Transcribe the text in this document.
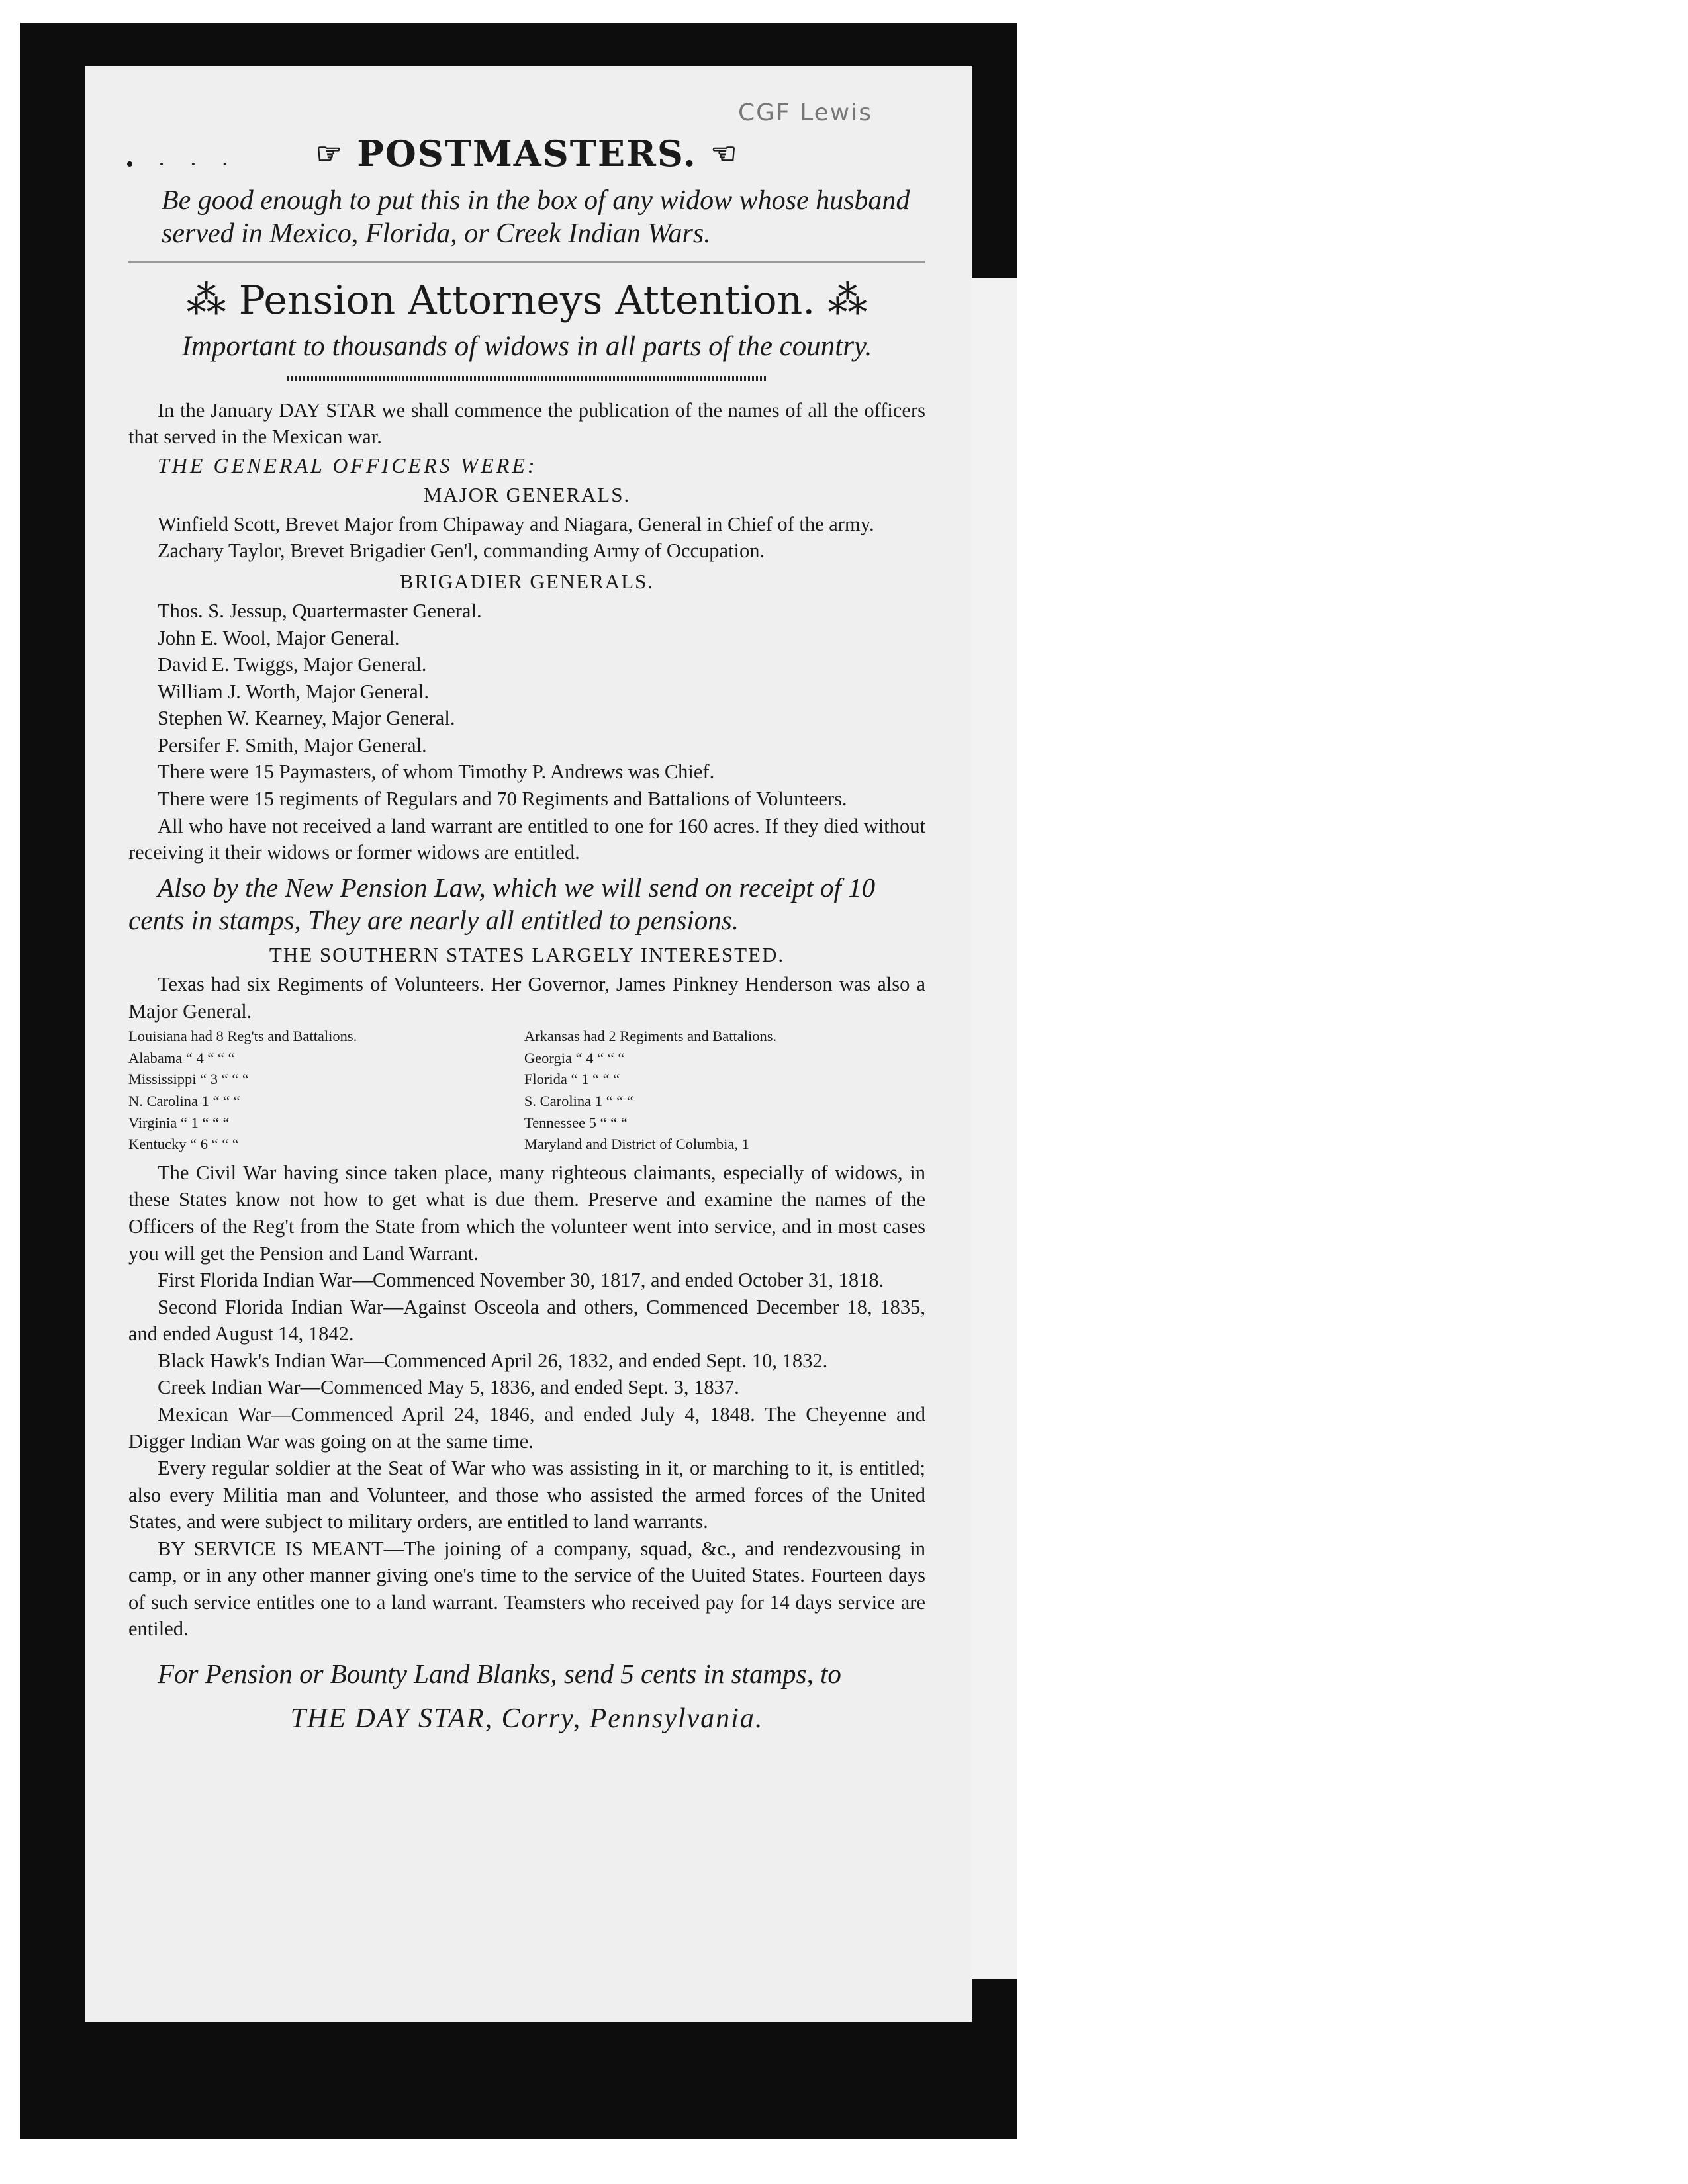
CGF Lewis
• · · ·	☞ POSTMASTERS. ☜
Be good enough to put this in the box of any widow whose husband served in Mexico, Florida, or Creek Indian Wars.
⁂ Pension Attorneys Attention. ⁂
Important to thousands of widows in all parts of the country.

In the January DAY STAR we shall commence the publication of the names of all the officers that served in the Mexican war.

THE GENERAL OFFICERS WERE:
MAJOR GENERALS.

Winfield Scott, Brevet Major from Chipaway and Niagara, General in Chief of the army.

Zachary Taylor, Brevet Brigadier Gen'l, commanding Army of Occupation.

BRIGADIER GENERALS.
Thos. S. Jessup, Quartermaster General.
John E. Wool, Major General.
David E. Twiggs, Major General.
William J. Worth, Major General.
Stephen W. Kearney, Major General.
Persifer F. Smith, Major General.

There were 15 Paymasters, of whom Timothy P. Andrews was Chief.

There were 15 regiments of Regulars and 70 Regiments and Battalions of Volunteers.

All who have not received a land warrant are entitled to one for 160 acres. If they died without receiving it their widows or former widows are entitled.

Also by the New Pension Law, which we will send on receipt of 10 cents in stamps, They are nearly all entitled to pensions.

THE SOUTHERN STATES LARGELY INTERESTED.

Texas had six Regiments of Volunteers. Her Governor, James Pinkney Henderson was also a Major General.

Louisiana had 8 Reg'ts and Battalions.
Alabama “ 4 “ “ “
Mississippi “ 3 “ “ “
N. Carolina 1 “ “ “
Virginia “ 1 “ “ “
Kentucky “ 6 “ “ “
Arkansas had 2 Regiments and Battalions.
Georgia “ 4 “ “ “
Florida “ 1 “ “ “
S. Carolina 1 “ “ “
Tennessee 5 “ “ “
Maryland and District of Columbia, 1

The Civil War having since taken place, many righteous claimants, especially of widows, in these States know not how to get what is due them. Preserve and examine the names of the Officers of the Reg't from the State from which the volunteer went into service, and in most cases you will get the Pension and Land Warrant.

First Florida Indian War—Commenced November 30, 1817, and ended October 31, 1818.

Second Florida Indian War—Against Osceola and others, Commenced December 18, 1835, and ended August 14, 1842.

Black Hawk's Indian War—Commenced April 26, 1832, and ended Sept. 10, 1832.

Creek Indian War—Commenced May 5, 1836, and ended Sept. 3, 1837.

Mexican War—Commenced April 24, 1846, and ended July 4, 1848. The Cheyenne and Digger Indian War was going on at the same time.

Every regular soldier at the Seat of War who was assisting in it, or marching to it, is entitled; also every Militia man and Volunteer, and those who assisted the armed forces of the United States, and were subject to military orders, are entitled to land warrants.

BY SERVICE IS MEANT—The joining of a company, squad, &c., and rendezvousing in camp, or in any other manner giving one's time to the service of the Uuited States. Fourteen days of such service entitles one to a land warrant. Teamsters who received pay for 14 days service are entiled.

For Pension or Bounty Land Blanks, send 5 cents in stamps, to
THE DAY STAR, Corry, Pennsylvania.
